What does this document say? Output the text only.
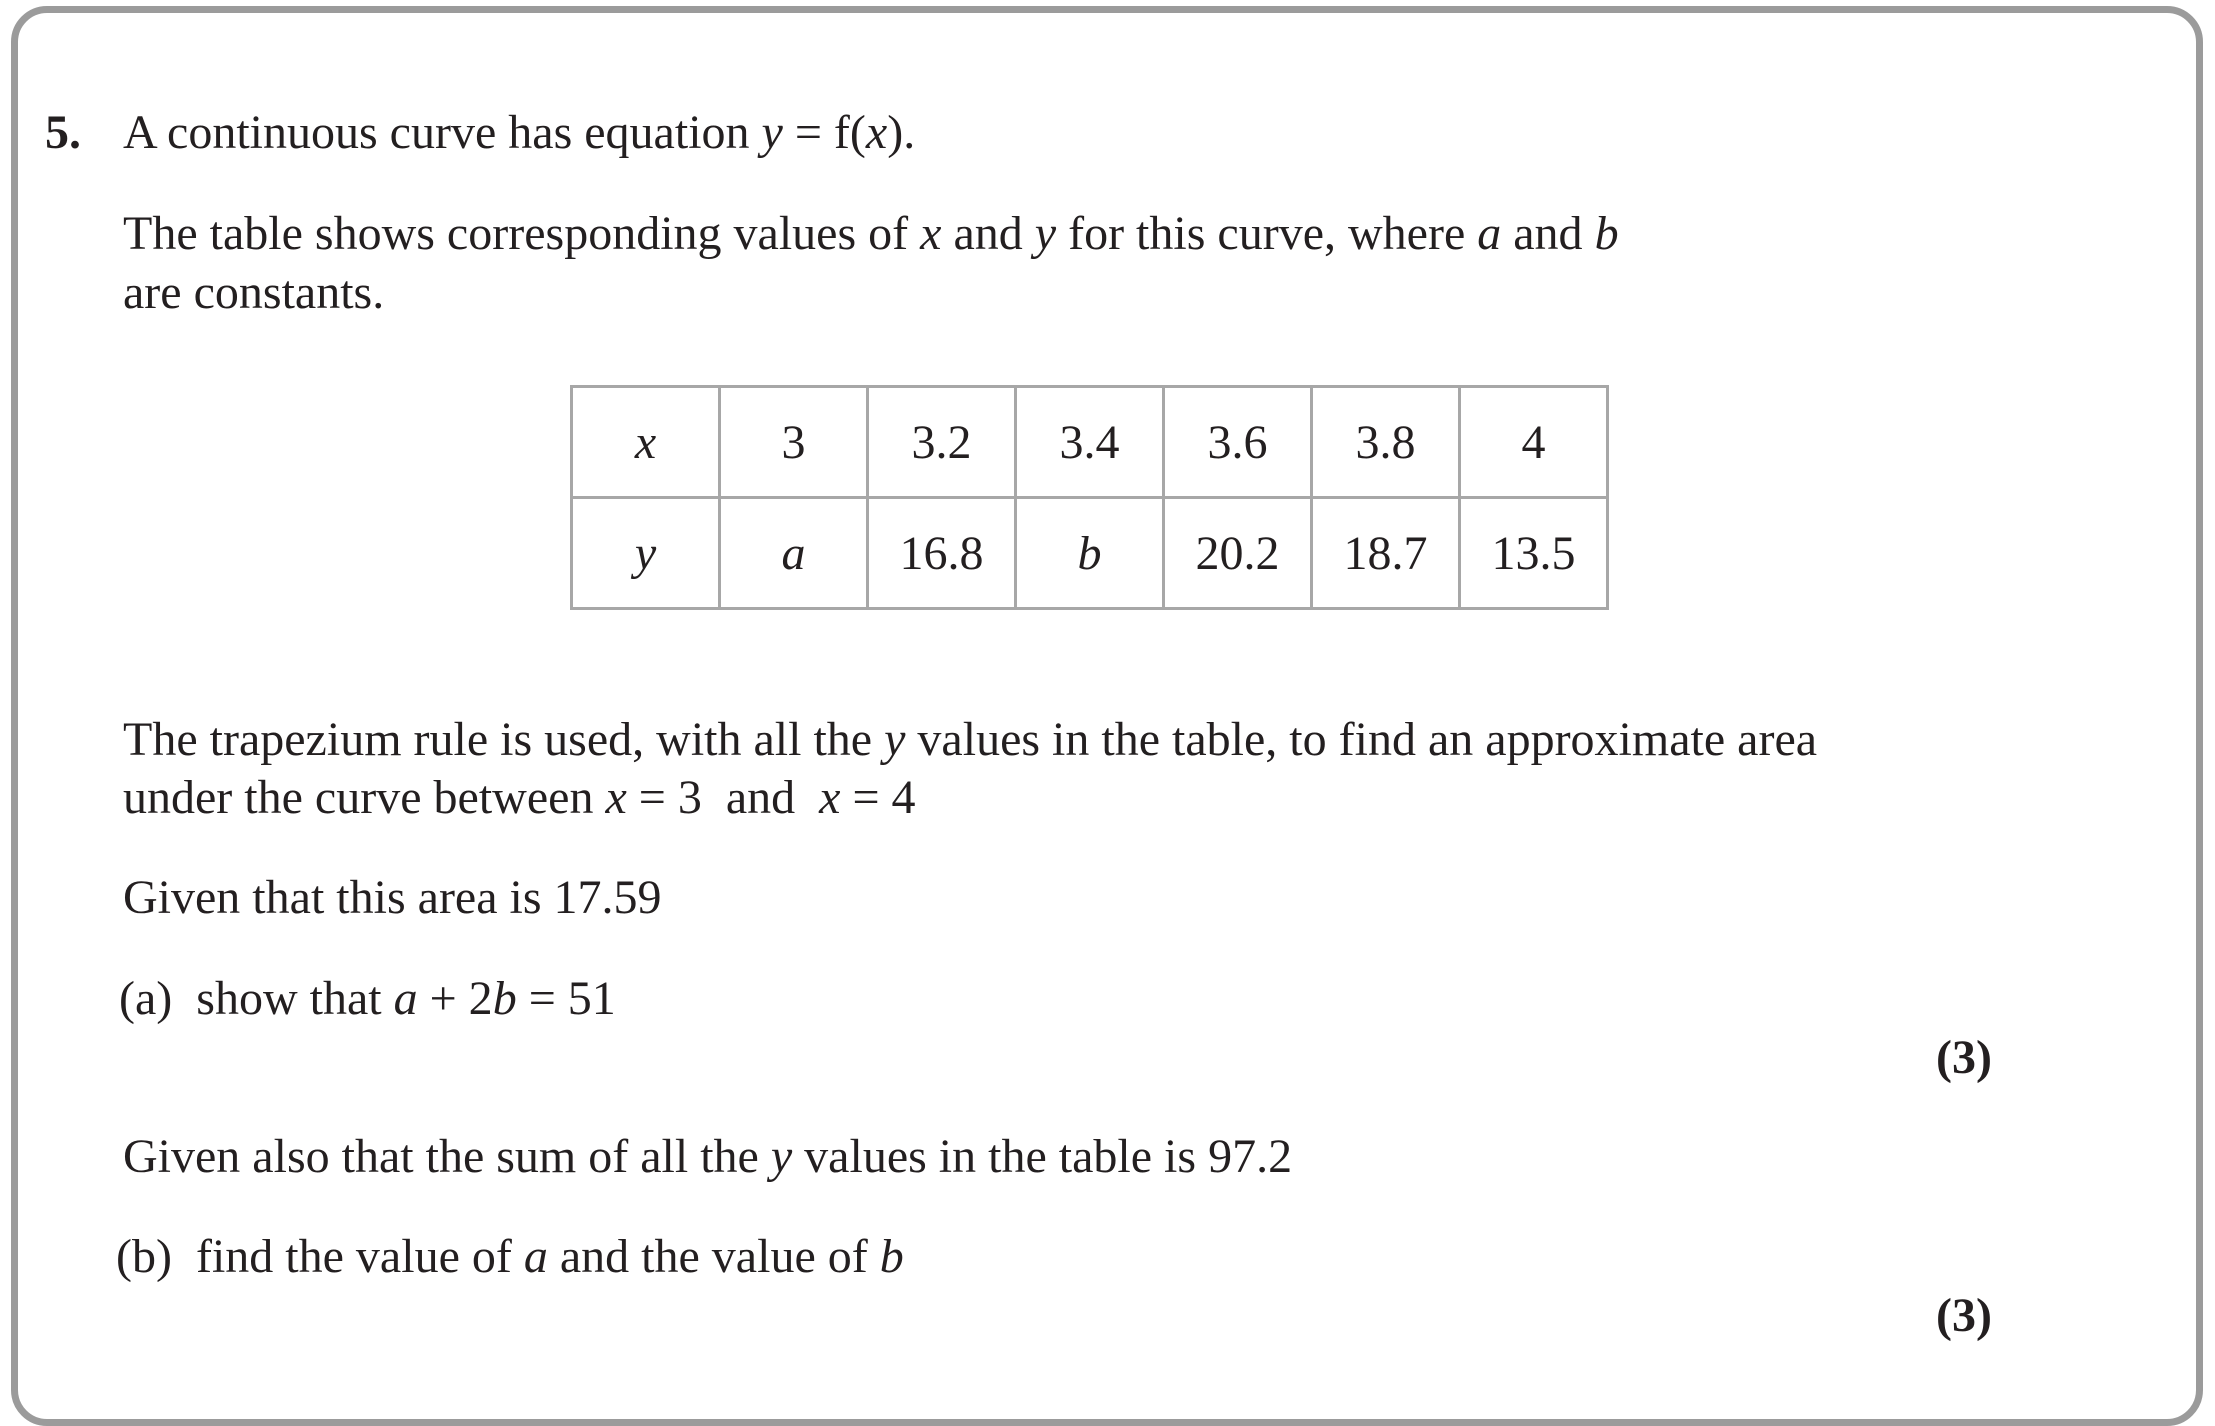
5. A continuous curve has equation y = f(x).
The table shows corresponding values of x and y for this curve, where a and b
are constants.
x	3	3.2	3.4	3.6	3.8	4
y	a	16.8	b	20.2	18.7	13.5
The trapezium rule is used, with all the y values in the table, to find an approximate area
under the curve between x = 3 and x = 4
Given that this area is 17.59
(a) show that a + 2b = 51
(3)
Given also that the sum of all the y values in the table is 97.2
(b) find the value of a and the value of b
(3)
